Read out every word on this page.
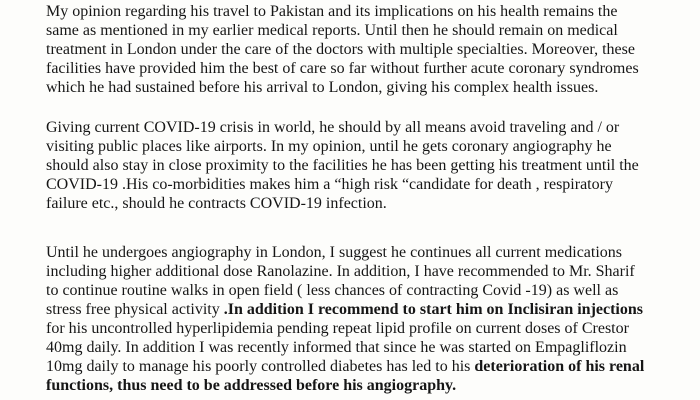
My opinion regarding his travel to Pakistan and its implications on his health remains the
same as mentioned in my earlier medical reports. Until then he should remain on medical
treatment in London under the care of the doctors with multiple specialties. Moreover, these
facilities have provided him the best of care so far without further acute coronary syndromes
which he had sustained before his arrival to London, giving his complex health issues.
Giving current COVID-19 crisis in world, he should by all means avoid traveling and / or
visiting public places like airports. In my opinion, until he gets coronary angiography he
should also stay in close proximity to the facilities he has been getting his treatment until the
COVID-19 .His co-morbidities makes him a “high risk “candidate for death , respiratory
failure etc., should he contracts COVID-19 infection.
Until he undergoes angiography in London, I suggest he continues all current medications
including higher additional dose Ranolazine. In addition, I have recommended to Mr. Sharif
to continue routine walks in open field ( less chances of contracting Covid -19) as well as
stress free physical activity .In addition I recommend to start him on Inclisiran injections
for his uncontrolled hyperlipidemia pending repeat lipid profile on current doses of Crestor
40mg daily. In addition I was recently informed that since he was started on Empagliflozin
10mg daily to manage his poorly controlled diabetes has led to his deterioration of his renal
functions, thus need to be addressed before his angiography.
